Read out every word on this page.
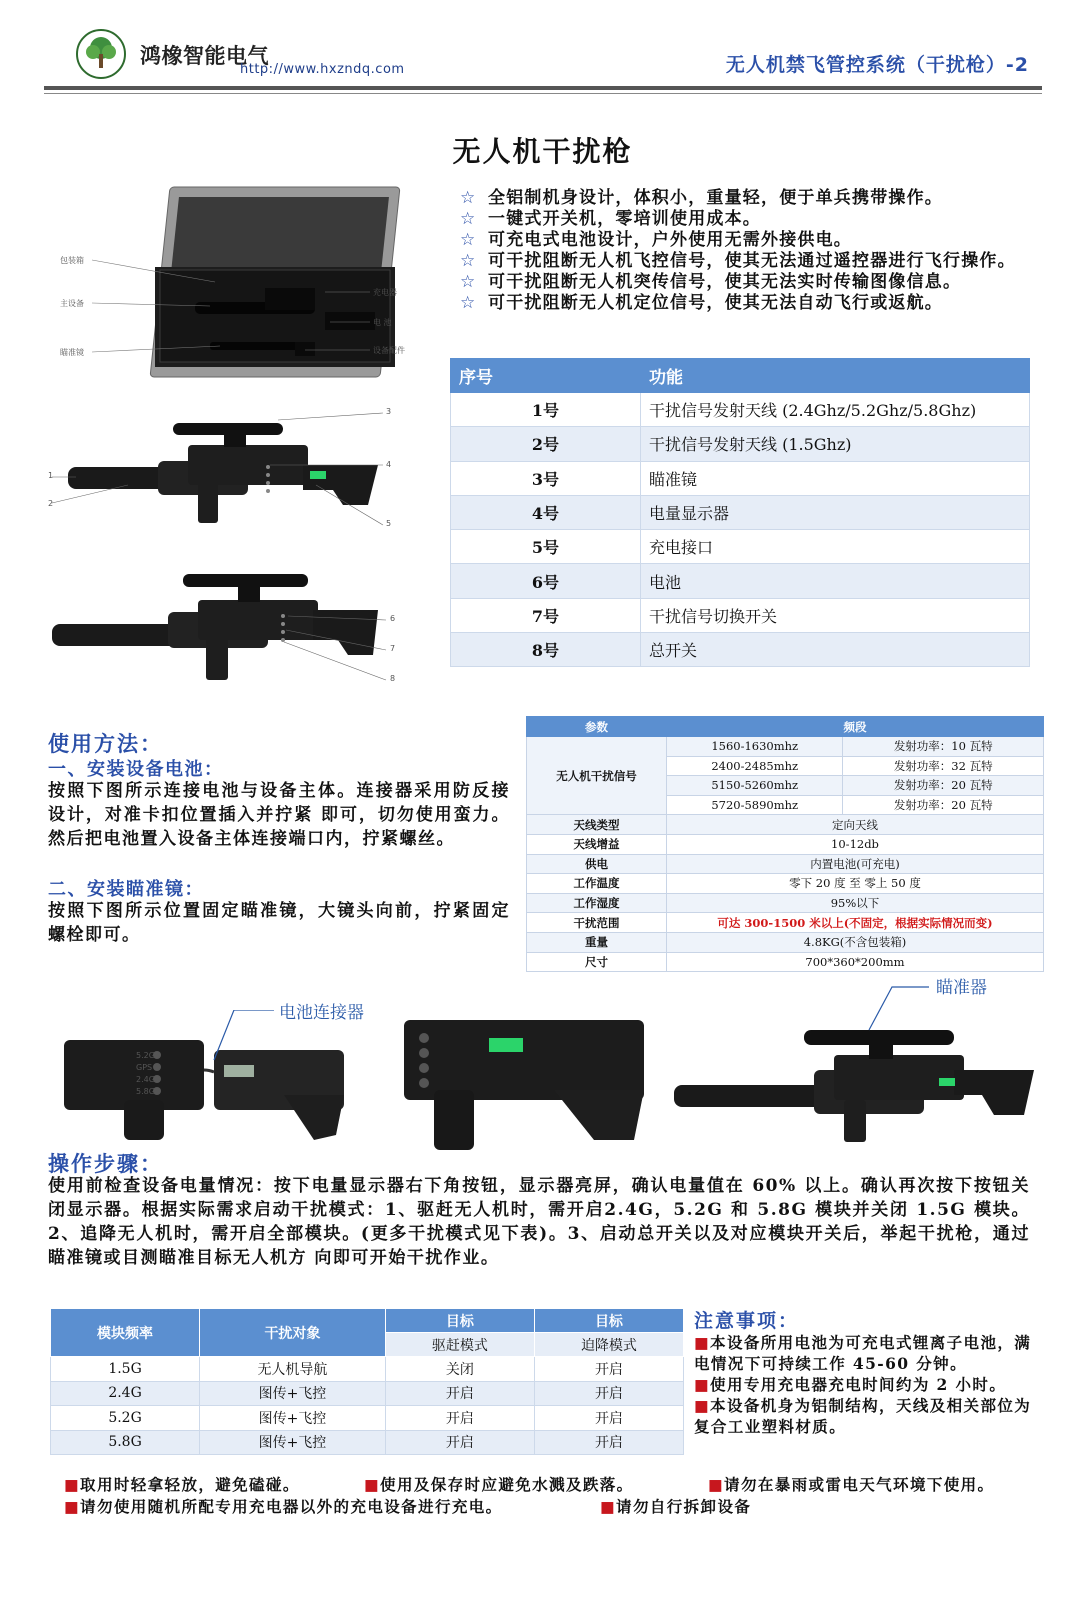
鸿橡智能电气
http://www.hxzndq.com	无人机禁飞管控系统（干扰枪）-2
无人机干扰枪
包装箱
主设备
瞄准镜
充电器
电 池
设备配件
☆ 全铝制机身设计，体积小，重量轻，便于单兵携带操作。
☆ 一键式开关机，零培训使用成本。
☆ 可充电式电池设计，户外使用无需外接供电。
☆ 可干扰阻断无人机飞控信号，使其无法通过遥控器进行飞行操作。
☆ 可干扰阻断无人机突传信号，使其无法实时传输图像信息。
☆ 可干扰阻断无人机定位信号，使其无法自动飞行或返航。
1
2
3
4
5
6
7
8
序号	功能
1号	干扰信号发射天线 (2.4Ghz/5.2Ghz/5.8Ghz)
2号	干扰信号发射天线 (1.5Ghz)
3号	瞄准镜
4号	电量显示器
5号	充电接口
6号	电池
7号	干扰信号切换开关
8号	总开关
使用方法：
一、安装设备电池：
按照下图所示连接电池与设备主体。连接器采用防反接设计，对准卡扣位置插入并拧紧 即可，切勿使用蛮力。然后把电池置入设备主体连接端口内，拧紧螺丝。
二、安装瞄准镜：
按照下图所示位置固定瞄准镜，大镜头向前，拧紧固定螺栓即可。
参数	频段	
无人机干扰信号	1560-1630mhz	发射功率：10 瓦特
	2400-2485mhz	发射功率：32 瓦特
	5150-5260mhz	发射功率：20 瓦特
	5720-5890mhz	发射功率：20 瓦特
天线类型	定向天线	
天线增益	10-12db	
供电	内置电池(可充电)	
工作温度	零下 20 度 至 零上 50 度	
工作湿度	95%以下	
干扰范围	可达 300-1500 米以上(不固定，根据实际情况而变)	
重量	4.8KG(不含包装箱)	
尺寸	700*360*200mm	
电池连接器
5.2G
GPS
2.4G
5.8G
瞄准器
操作步骤：
使用前检查设备电量情况：按下电量显示器右下角按钮，显示器亮屏，确认电量值在 60% 以上。确认再次按下按钮关闭显示器。根据实际需求启动干扰模式：1、驱赶无人机时，需开启2.4G，5.2G 和 5.8G 模块并关闭 1.5G 模块。 2、追降无人机时，需开启全部模块。(更多干扰模式见下表)。3、启动总开关以及对应模块开关后，举起干扰枪，通过瞄准镜或目测瞄准目标无人机方 向即可开始干扰作业。
模块频率	干扰对象	目标	目标
		驱赶模式	迫降模式
1.5G	无人机导航	关闭	开启
2.4G	图传+飞控	开启	开启
5.2G	图传+飞控	开启	开启
5.8G	图传+飞控	开启	开启
注意事项：
■本设备所用电池为可充电式锂离子电池，满电情况下可持续工作 45-60 分钟。
■使用专用充电器充电时间约为 2 小时。
■本设备机身为铝制结构，天线及相关部位为复合工业塑料材质。
■取用时轻拿轻放，避免磕碰。	■使用及保存时应避免水溅及跌落。	■请勿在暴雨或雷电天气环境下使用。
■请勿使用随机所配专用充电器以外的充电设备进行充电。	■请勿自行拆卸设备
